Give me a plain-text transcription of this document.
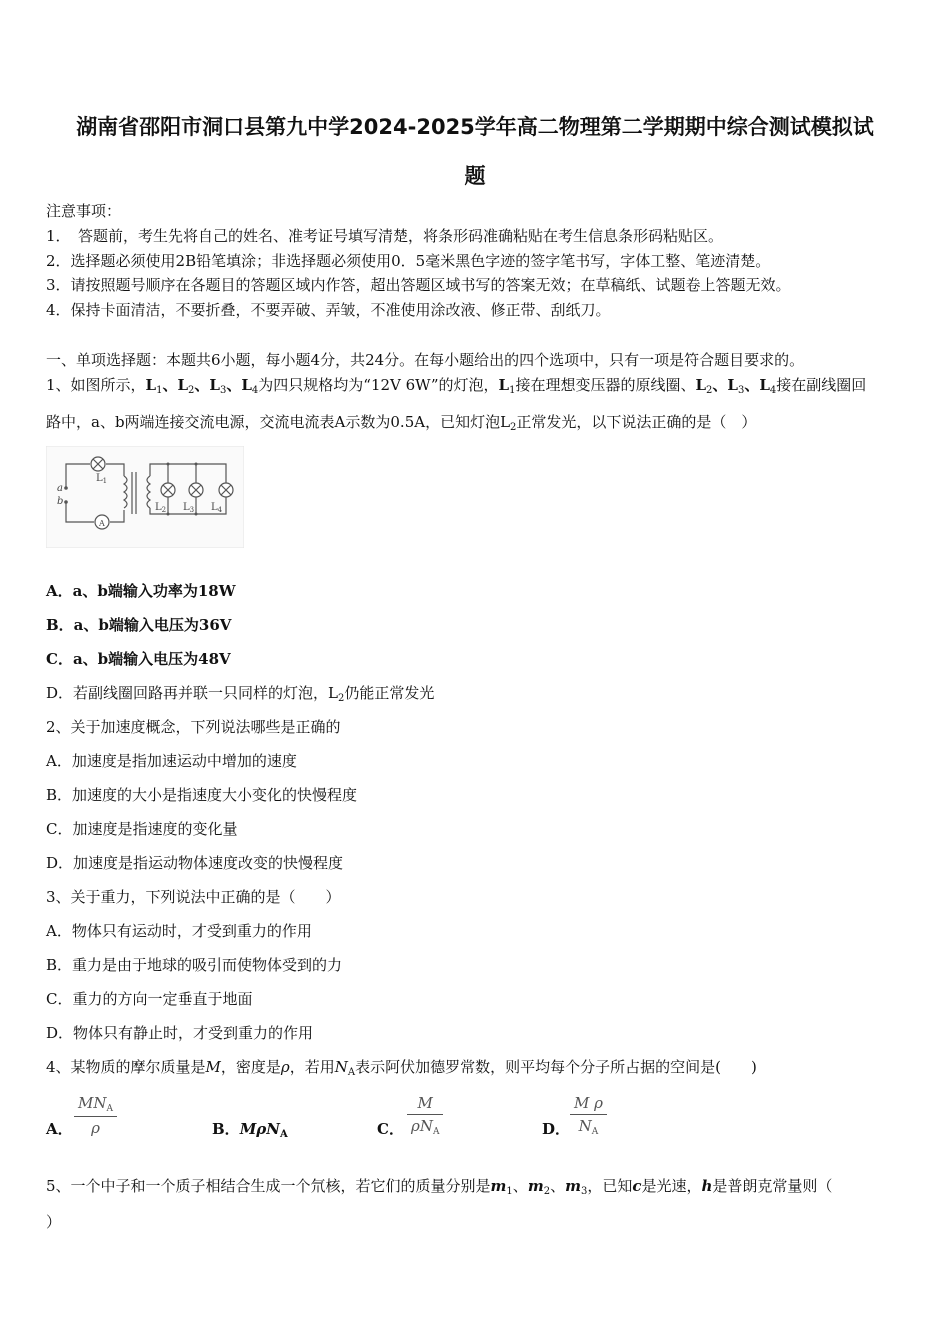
湖南省邵阳市洞口县第九中学2024-2025学年高二物理第二学期期中综合测试模拟试
题
注意事项：
1．　答题前，考生先将自己的姓名、准考证号填写清楚，将条形码准确粘贴在考生信息条形码粘贴区。
2．选择题必须使用2B铅笔填涂；非选择题必须使用0．5毫米黑色字迹的签字笔书写，字体工整、笔迹清楚。
3．请按照题号顺序在各题目的答题区域内作答，超出答题区域书写的答案无效；在草稿纸、试题卷上答题无效。
4．保持卡面清洁，不要折叠，不要弄破、弄皱，不准使用涂改液、修正带、刮纸刀。
一、单项选择题：本题共6小题，每小题4分，共24分。在每小题给出的四个选项中，只有一项是符合题目要求的。
1、如图所示，$L_1$、$L_2$、$L_3$、$L_4$为四只规格均为“12V 6W”的灯泡，$L_1$接在理想变压器的原线圈、$L_2$、$L_3$、$L_4$接在副线圈回
路中，a、b两端连接交流电源，交流电流表A示数为0.5A，已知灯泡$L_2$正常发光，以下说法正确的是（　）
$L_1$
a
b
A
$L_2$ $L_3$ $L_4$
A．a、b端输入功率为18W
B．a、b端输入电压为36V
C．a、b端输入电压为48V
D．若副线圈回路再并联一只同样的灯泡，$L_2$仍能正常发光
2、关于加速度概念，下列说法哪些是正确的
A．加速度是指加速运动中增加的速度
B．加速度的大小是指速度大小变化的快慢程度
C．加速度是指速度的变化量
D．加速度是指运动物体速度改变的快慢程度
3、关于重力，下列说法中正确的是（　　）
A．物体只有运动时，才受到重力的作用
B．重力是由于地球的吸引而使物体受到的力
C．重力的方向一定垂直于地面
D．物体只有静止时，才受到重力的作用
4、某物质的摩尔质量是M，密度是ρ，若用$N_A$表示阿伏加德罗常数，则平均每个分子所占据的空间是(　　)
A．
$MN_A$
ρ	B．MρN$_A$	C．
M
$\rho N_A$	D． $\frac{\text{M ρ}}{N_A}$
5、一个中子和一个质子相结合生成一个氘核，若它们的质量分别是$m_1$、$m_2$、$m_3$，已知c是光速，h是普朗克常量则（
）
